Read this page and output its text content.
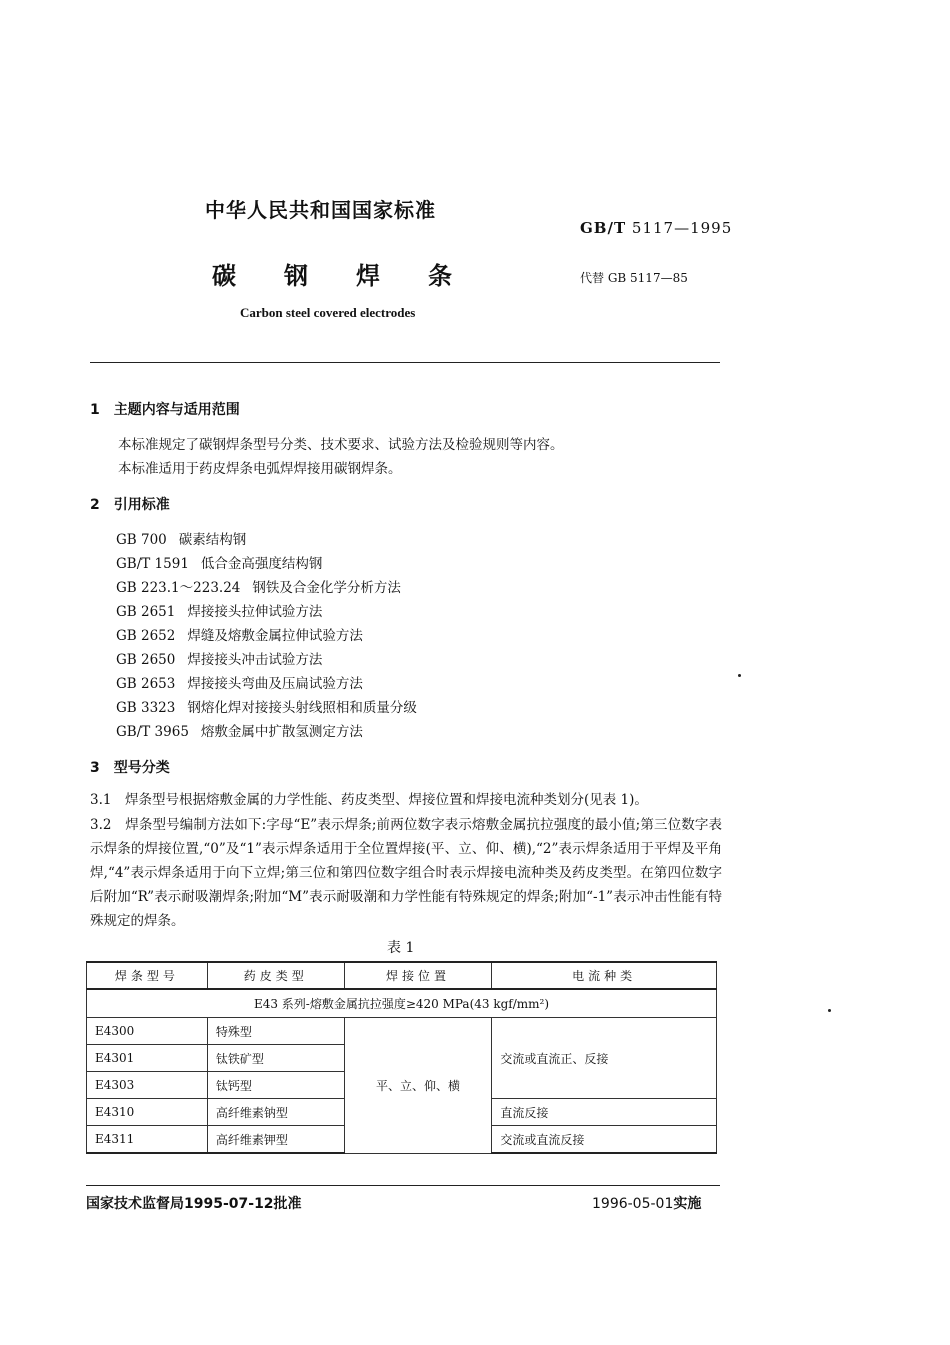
中华人民共和国国家标准
GB/T 5117—1995
碳钢焊条	代替 GB 5117—85
Carbon steel covered electrodes
1　主题内容与适用范围
本标准规定了碳钢焊条型号分类、技术要求、试验方法及检验规则等内容。
本标准适用于药皮焊条电弧焊焊接用碳钢焊条。
2　引用标准
GB 700 碳素结构钢
GB/T 1591 低合金高强度结构钢
GB 223.1～223.24 钢铁及合金化学分析方法
GB 2651 焊接接头拉伸试验方法
GB 2652 焊缝及熔敷金属拉伸试验方法
GB 2650 焊接接头冲击试验方法
GB 2653 焊接接头弯曲及压扁试验方法
GB 3323 钢熔化焊对接接头射线照相和质量分级
GB/T 3965 熔敷金属中扩散氢测定方法
3　型号分类
3.1　焊条型号根据熔敷金属的力学性能、药皮类型、焊接位置和焊接电流种类划分(见表 1)。
3.2　焊条型号编制方法如下:字母“E”表示焊条;前两位数字表示熔敷金属抗拉强度的最小值;第三位数字表示焊条的焊接位置,“0”及“1”表示焊条适用于全位置焊接(平、立、仰、横),“2”表示焊条适用于平焊及平角焊,“4”表示焊条适用于向下立焊;第三位和第四位数字组合时表示焊接电流种类及药皮类型。在第四位数字后附加“R”表示耐吸潮焊条;附加“M”表示耐吸潮和力学性能有特殊规定的焊条;附加“-1”表示冲击性能有特殊规定的焊条。
表 1
焊条型号	药皮类型	焊接位置	电流种类
E43 系列-熔敷金属抗拉强度≥420 MPa(43 kgf/mm²)			
E4300	特殊型	平、立、仰、横	交流或直流正、反接
E4301	钛铁矿型		
E4303	钛钙型		
E4310	高纤维素钠型		直流反接
E4311	高纤维素钾型		交流或直流反接
国家技术监督局1995-07-12批准	1996-05-01实施
